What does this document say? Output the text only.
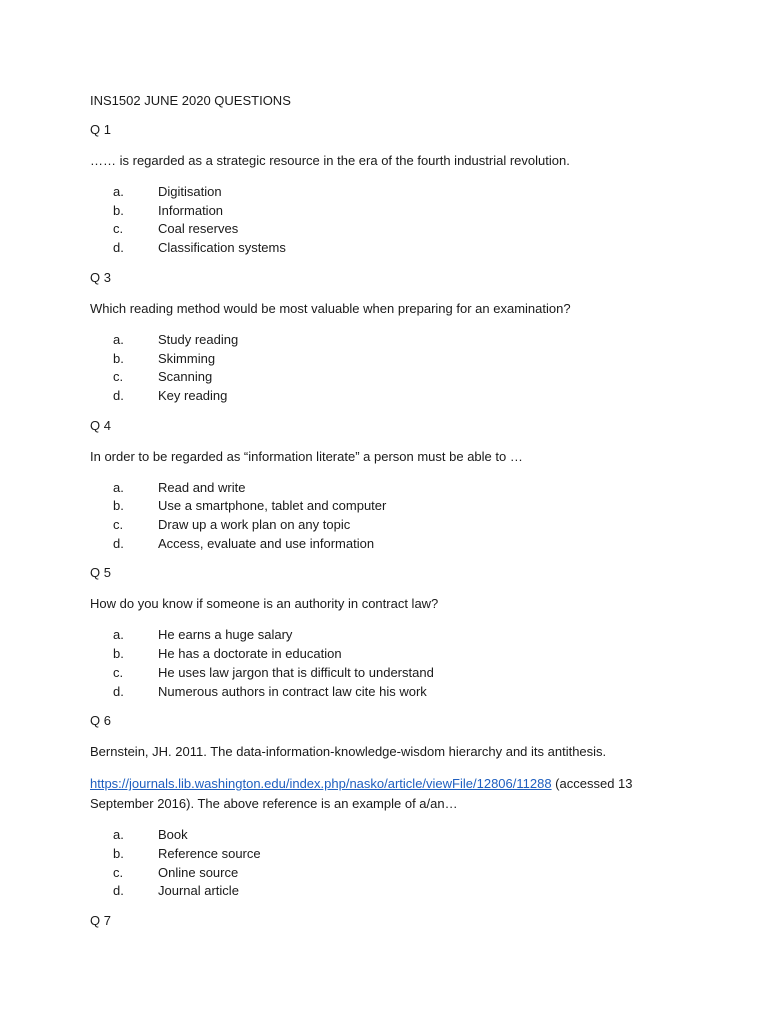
INS1502 JUNE 2020 QUESTIONS

Q 1

…… is regarded as a strategic resource in the era of the fourth industrial revolution.

a.	Digitisation
b.	Information
c.	Coal reserves
d.	Classification systems

Q 3

Which reading method would be most valuable when preparing for an examination?

a.	Study reading
b.	Skimming
c.	Scanning
d.	Key reading

Q 4

In order to be regarded as “information literate” a person must be able to …

a.	Read and write
b.	Use a smartphone, tablet and computer
c.	Draw up a work plan on any topic
d.	Access, evaluate and use information

Q 5

How do you know if someone is an authority in contract law?

a.	He earns a huge salary
b.	He has a doctorate in education
c.	He uses law jargon that is difficult to understand
d.	Numerous authors in contract law cite his work

Q 6

Bernstein, JH. 2011. The data-information-knowledge-wisdom hierarchy and its antithesis.

https://journals.lib.washington.edu/index.php/nasko/article/viewFile/12806/11288 (accessed 13 September 2016). The above reference is an example of a/an…

a.	Book
b.	Reference source
c.	Online source
d.	Journal article

Q 7
